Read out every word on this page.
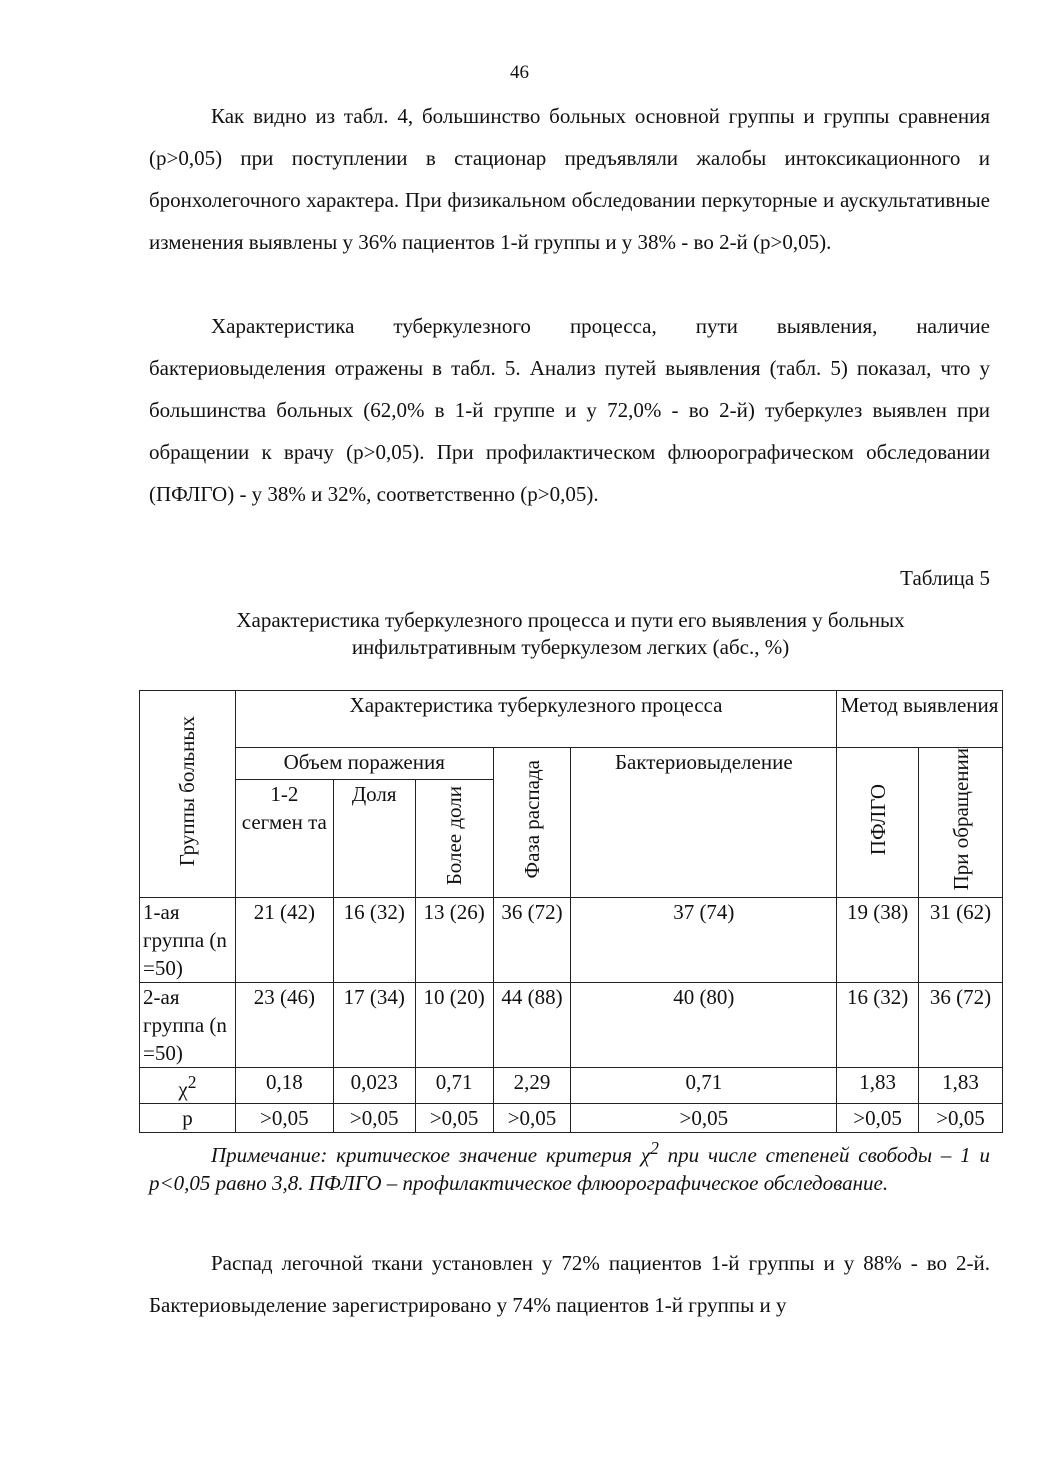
46

Как видно из табл. 4, большинство больных основной группы и группы сравнения (р>0,05) при поступлении в стационар предъявляли жалобы интоксикационного и бронхолегочного характера. При физикальном обследовании перкуторные и аускультативные изменения выявлены у 36% пациентов 1-й группы и у 38% - во 2-й (р>0,05).

Характеристика туберкулезного процесса, пути выявления, наличие бактериовыделения отражены в табл. 5. Анализ путей выявления (табл. 5) показал, что у большинства больных (62,0% в 1-й группе и у 72,0% - во 2-й) туберкулез выявлен при обращении к врачу (р>0,05). При профилактическом флюорографическом обследовании (ПФЛГО) - у 38% и 32%, соответственно (р>0,05).

Таблица 5
Характеристика туберкулезного процесса и пути его выявления у больных
инфильтративным туберкулезом легких (абс., %)
Группы больных	Характеристика туберкулезного процесса					Метод выявления	
	Объем поражения			Фаза распада	Бактериовыделение	ПФЛГО	При обращении
	1-2 сегмен та	Доля	Более доли				
1-ая группа (n =50)	21 (42)	16 (32)	13 (26)	36 (72)	37 (74)	19 (38)	31 (62)
2-ая группа (n =50)	23 (46)	17 (34)	10 (20)	44 (88)	40 (80)	16 (32)	36 (72)
$\chi^2$	0,18	0,023	0,71	2,29	0,71	1,83	1,83
р	>0,05	>0,05	>0,05	>0,05	>0,05	>0,05	>0,05

Примечание: критическое значение критерия $\chi^2$ при числе степеней свободы – 1 и p<0,05 равно 3,8. ПФЛГО – профилактическое флюорографическое обследование.

Распад легочной ткани установлен у 72% пациентов 1-й группы и у 88% - во 2-й. Бактериовыделение зарегистрировано у 74% пациентов 1-й группы и у
